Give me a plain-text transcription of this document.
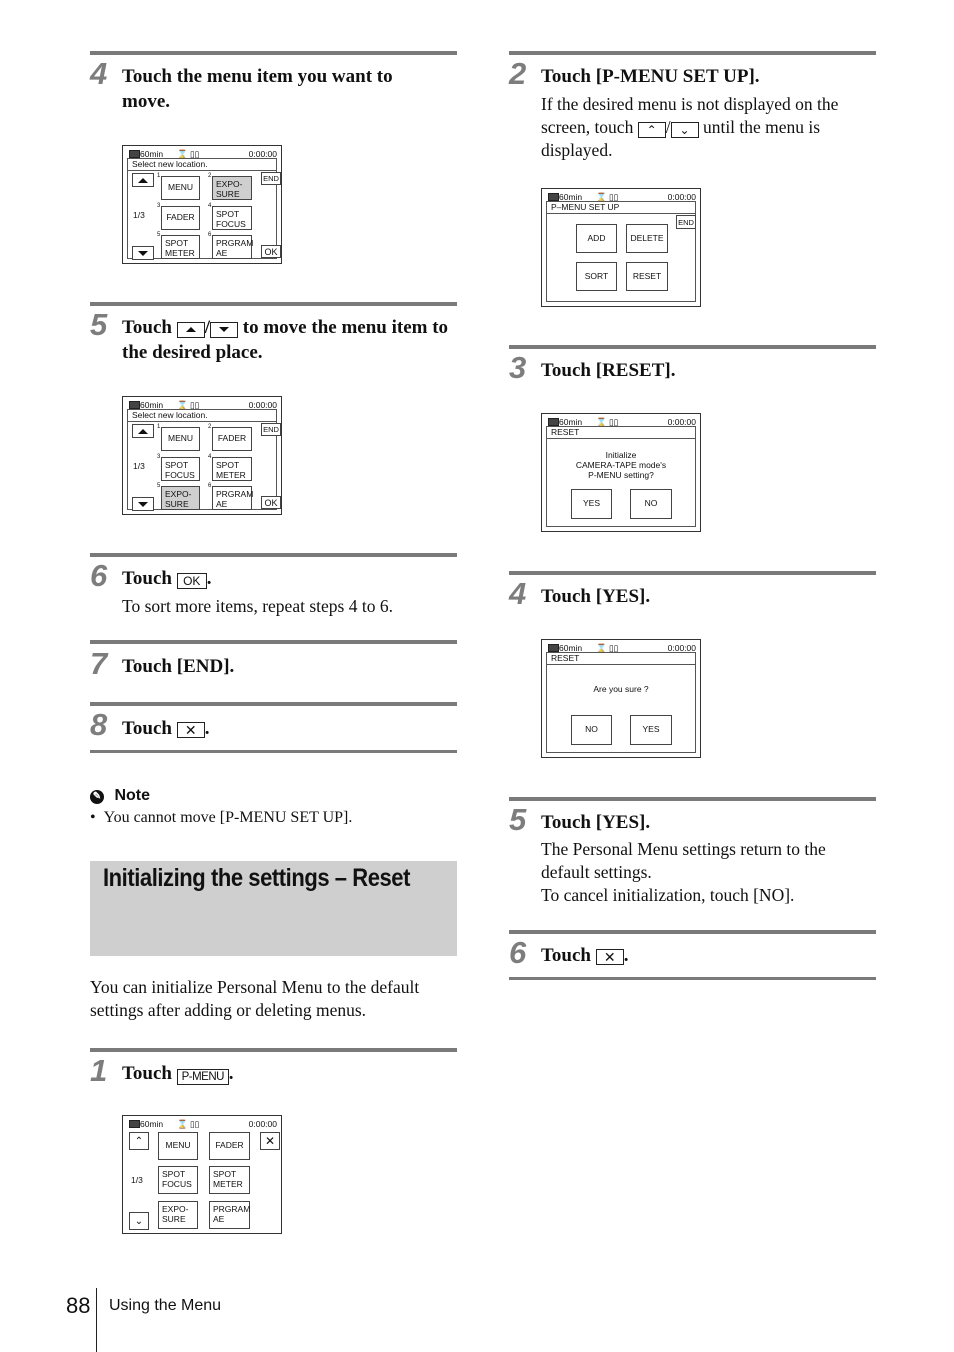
4 Touch the menu item you want to move.
60min ⌛ ▯▯	0:00:00
Select new location.
1/3
END
OK
1
MENU
2
EXPO-SURE
3
FADER
4
SPOT FOCUS
5
SPOT METER
6
PRGRAM AE
5 Touch / to move the menu item to the desired place.
60min ⌛ ▯▯	0:00:00
Select new location.
1/3
END
OK
1
MENU
2
FADER
3
SPOT FOCUS
4
SPOT METER
5
EXPO-SURE
6
PRGRAM AE
6 Touch OK .
To sort more items, repeat steps 4 to 6.
7 Touch [END].
8 Touch ✕ .
✎ Note
•  You cannot move [P-MENU SET UP].
Initializing the settings – Reset
You can initialize Personal Menu to the default settings after adding or deleting menus.
1 Touch P-MENU .
60min ⌛ ▯▯	0:00:00
⌃
⌄
1/3
✕
MENU	FADER
SPOT FOCUS
SPOT METER
EXPO-SURE
PRGRAM AE
2 Touch [P-MENU SET UP].
If the desired menu is not displayed on the screen, touch ⌃ / ⌄ until the menu is displayed.
60min ⌛ ▯▯	0:00:00
P–MENU SET UP
END
ADD	DELETE
SORT	RESET
3 Touch [RESET].
60min ⌛ ▯▯	0:00:00
RESET
Initialize
CAMERA-TAPE mode's
P-MENU setting?
YES	NO
4 Touch [YES].
60min ⌛ ▯▯	0:00:00
RESET
Are you sure ?
NO	YES
5 Touch [YES].
The Personal Menu settings return to the default settings.
To cancel initialization, touch [NO].
6 Touch ✕ .
88 Using the Menu
